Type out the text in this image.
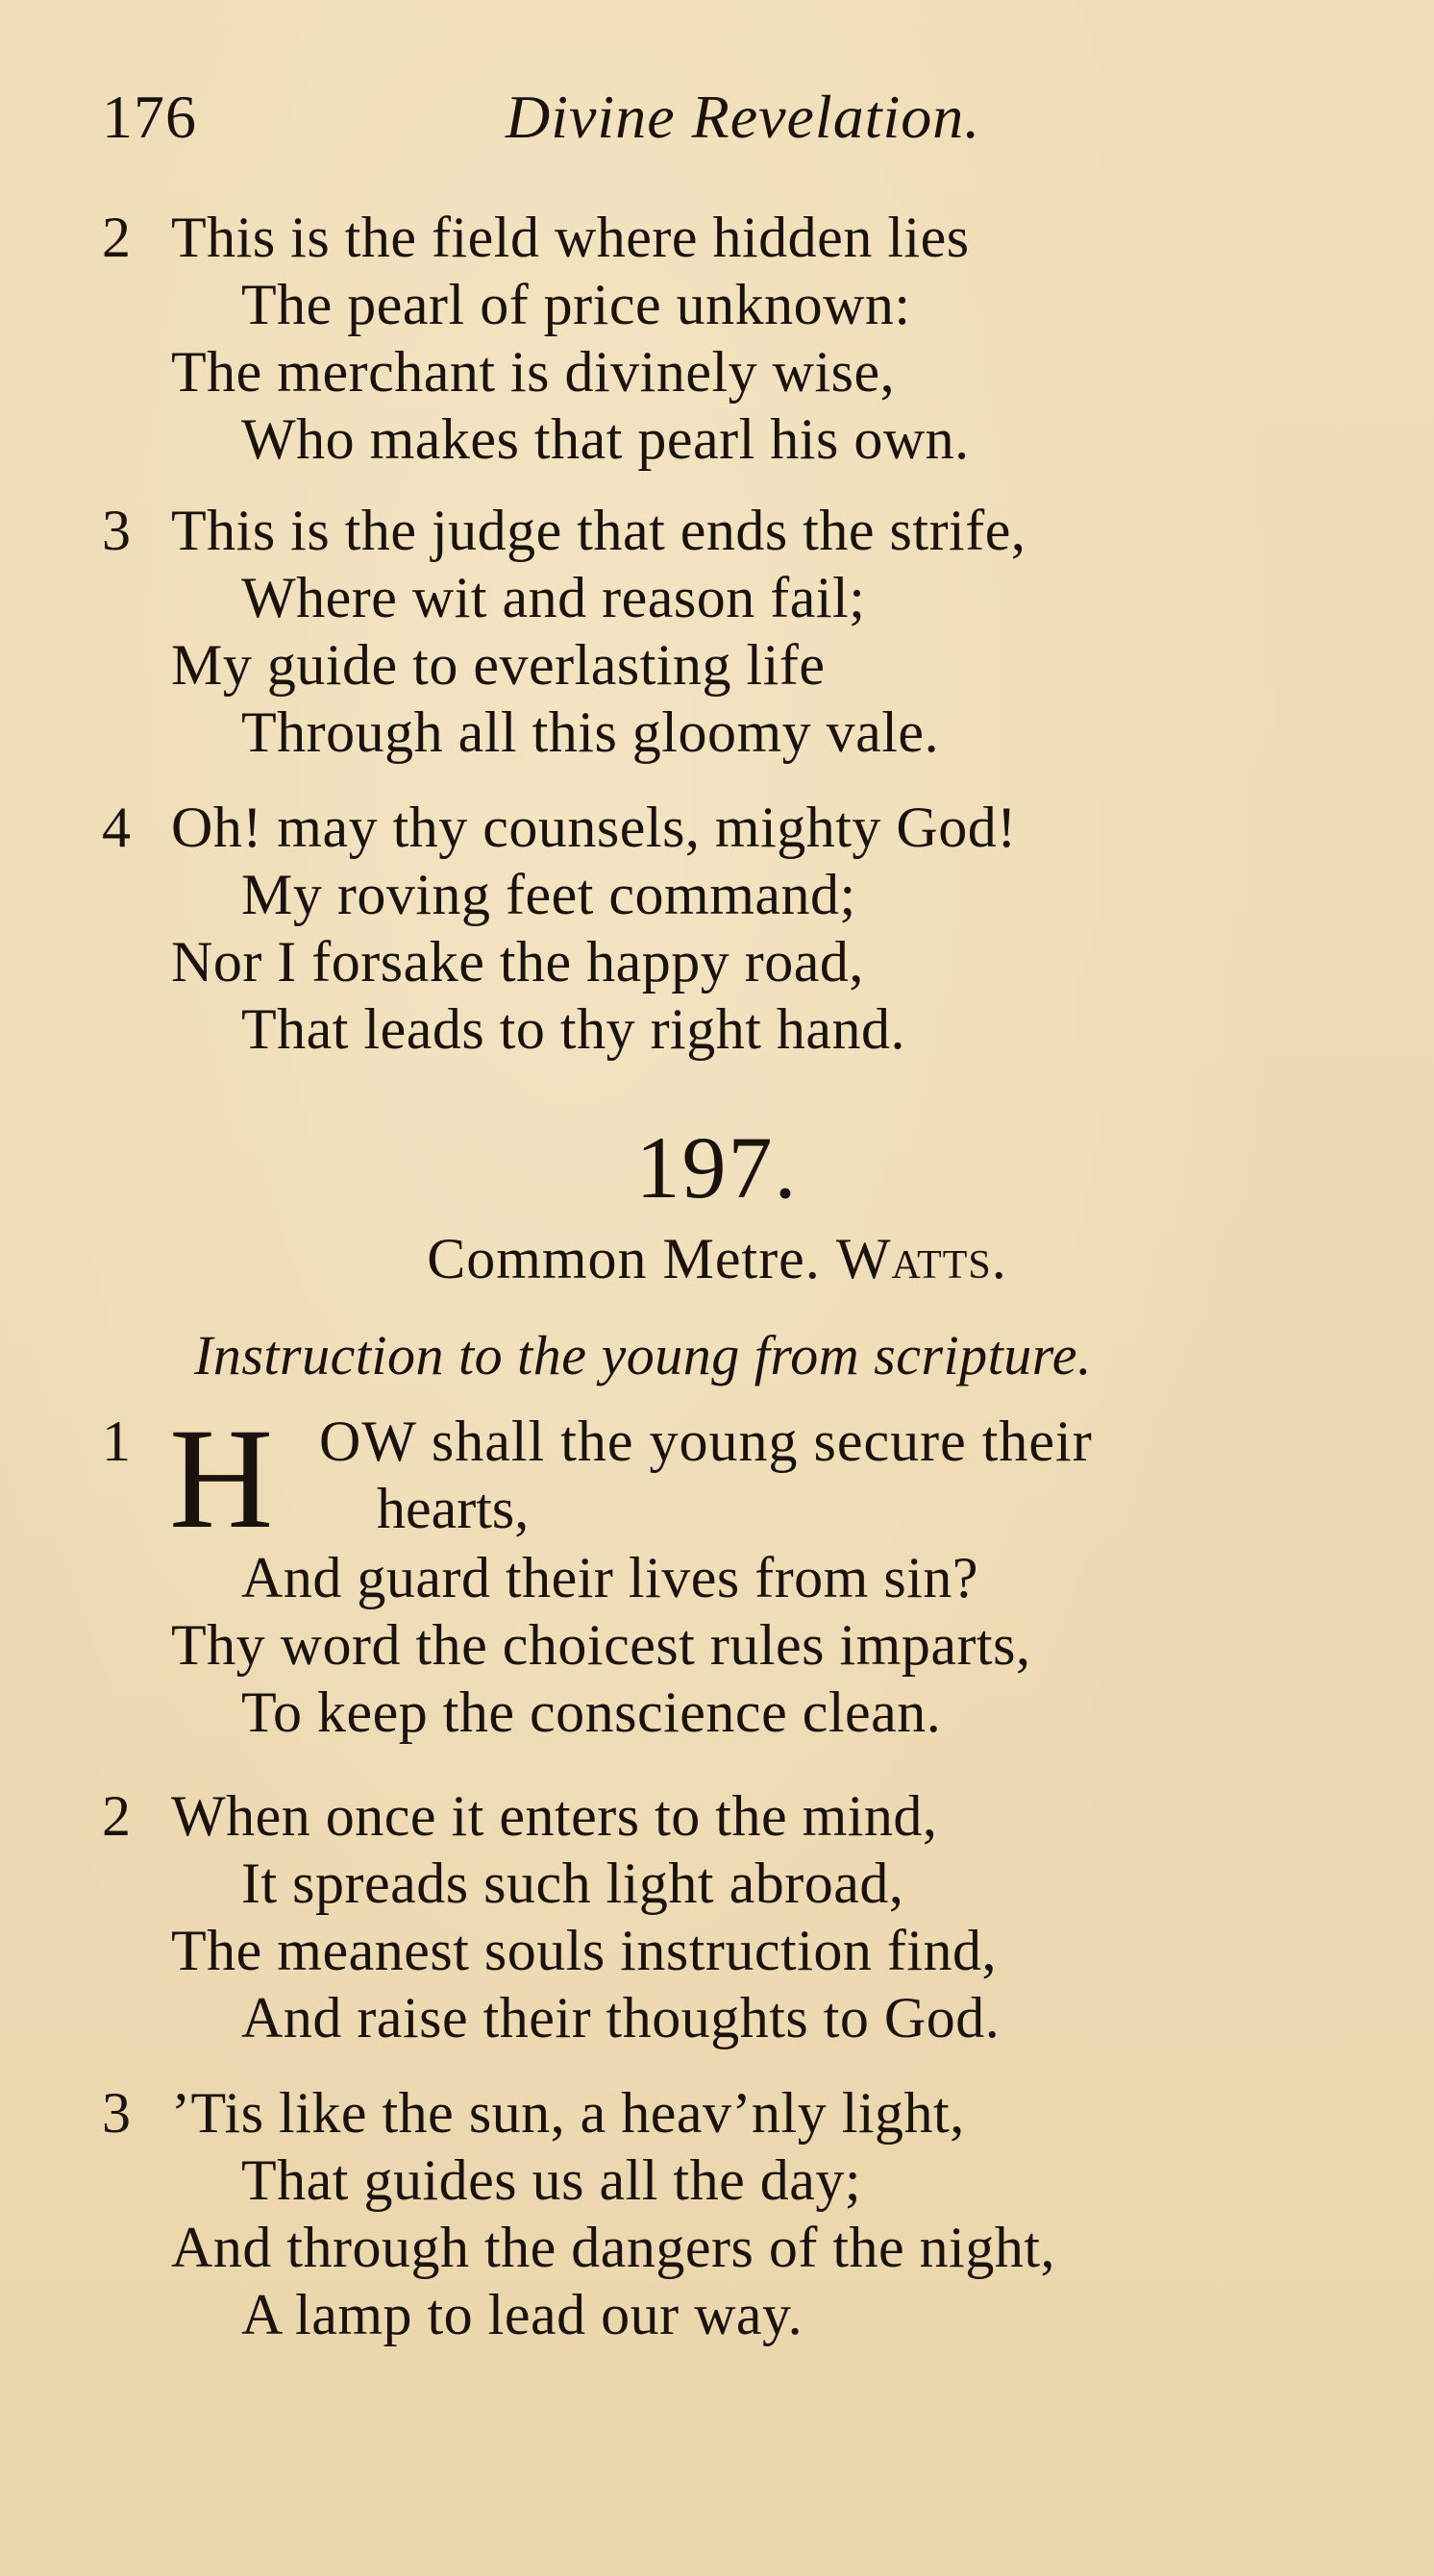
176	Divine Revelation.
2 This is the field where hidden lies
The pearl of price unknown:
The merchant is divinely wise,
Who makes that pearl his own.
3 This is the judge that ends the strife,
Where wit and reason fail;
My guide to everlasting life
Through all this gloomy vale.
4 Oh! may thy counsels, mighty God!
My roving feet command;
Nor I forsake the happy road,
That leads to thy right hand.
197.
Common Metre. Watts.
Instruction to the young from scripture.
1 H OW shall the young secure their
hearts,
And guard their lives from sin?
Thy word the choicest rules imparts,
To keep the conscience clean.
2 When once it enters to the mind,
It spreads such light abroad,
The meanest souls instruction find,
And raise their thoughts to God.
3 ’Tis like the sun, a heav’nly light,
That guides us all the day;
And through the dangers of the night,
A lamp to lead our way.
